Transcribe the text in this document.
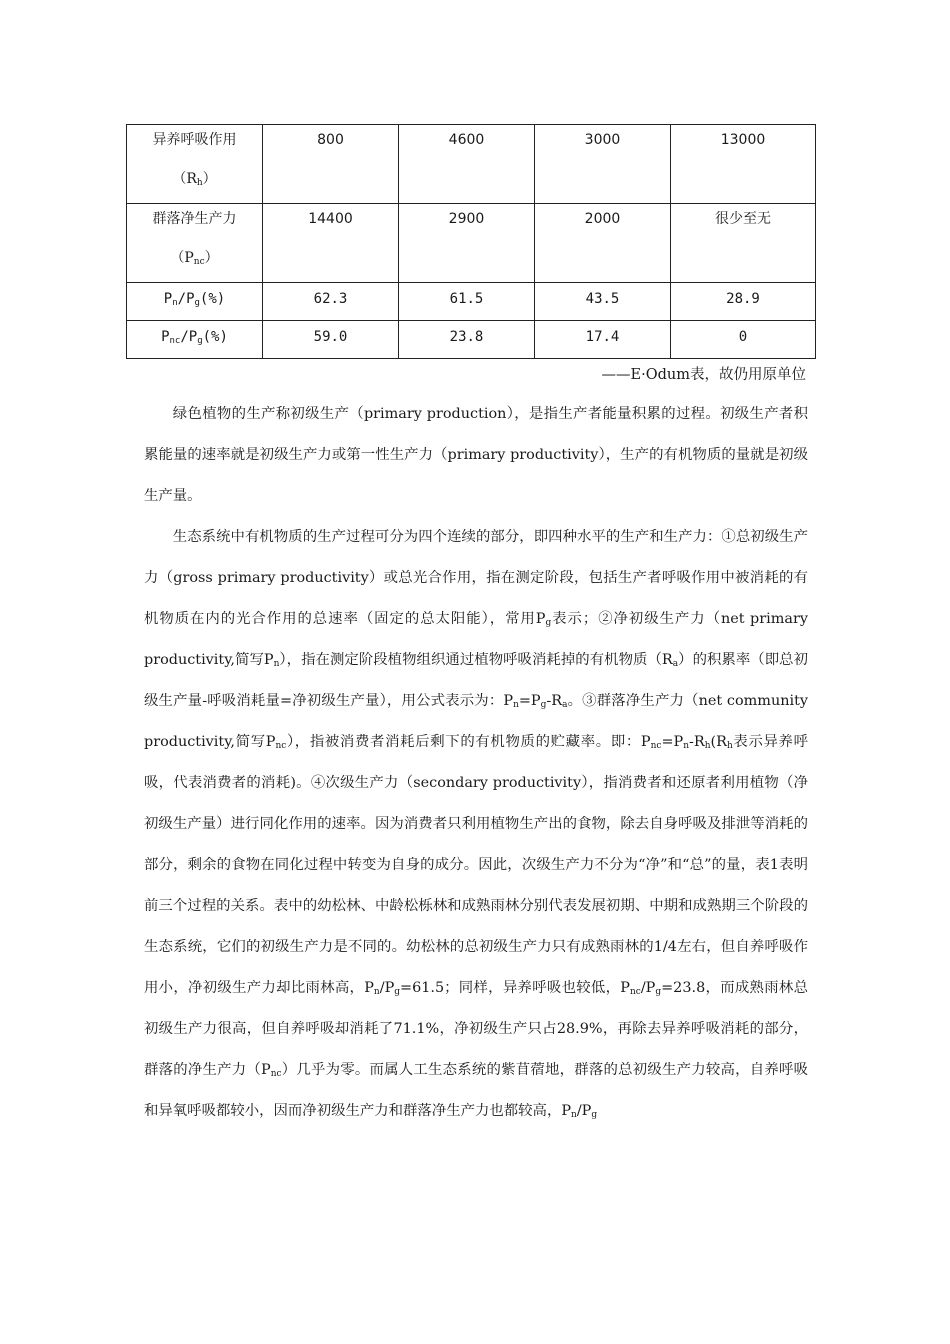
异养呼吸作用
$(R_h)$	800	4600	3000	13000

群落净生产力
$(P_{nc})$	14400	2900	2000	很少至无

$P_n/P_g(\%)$	62.3	61.5	43.5	28.9

$P_{nc}/P_g(\%)$	59.0	23.8	17.4	0
——E·Odum表，故仍用原单位

绿色植物的生产称初级生产（primary production），是指生产者能量积累的过程。初级生产者积累能量的速率就是初级生产力或第一性生产力（primary productivity），生产的有机物质的量就是初级生产量。

生态系统中有机物质的生产过程可分为四个连续的部分，即四种水平的生产和生产力：①总初级生产力（gross primary productivity）或总光合作用，指在测定阶段，包括生产者呼吸作用中被消耗的有机物质在内的光合作用的总速率（固定的总太阳能），常用$P_g$表示；②净初级生产力（net primary productivity,简写$P_n$），指在测定阶段植物组织通过植物呼吸消耗掉的有机物质$(R_a)$的积累率（即总初级生产量-呼吸消耗量=净初级生产量），用公式表示为：$P_n=P_g-R_a$。③群落净生产力（net community productivity,简写$P_{nc}$），指被消费者消耗后剩下的有机物质的贮藏率。即：$P_{nc}=P_n-R_h(R_h$表示异养呼吸，代表消费者的消耗)。④次级生产力（secondary productivity），指消费者和还原者利用植物（净初级生产量）进行同化作用的速率。因为消费者只利用植物生产出的食物，除去自身呼吸及排泄等消耗的部分，剩余的食物在同化过程中转变为自身的成分。因此，次级生产力不分为“净”和“总”的量，表1表明前三个过程的关系。表中的幼松林、中龄松栎林和成熟雨林分别代表发展初期、中期和成熟期三个阶段的生态系统，它们的初级生产力是不同的。幼松林的总初级生产力只有成熟雨林的1/4左右，但自养呼吸作用小，净初级生产力却比雨林高，$P_n/P_g=61.5$；同样，异养呼吸也较低，$P_{nc}/P_g=23.8$，而成熟雨林总初级生产力很高，但自养呼吸却消耗了71.1%，净初级生产只占28.9%，再除去异养呼吸消耗的部分，群落的净生产力$(P_{nc})$几乎为零。而属人工生态系统的紫苜蓿地，群落的总初级生产力较高，自养呼吸和异氧呼吸都较小，因而净初级生产力和群落净生产力也都较高，$P_n/P_g$
